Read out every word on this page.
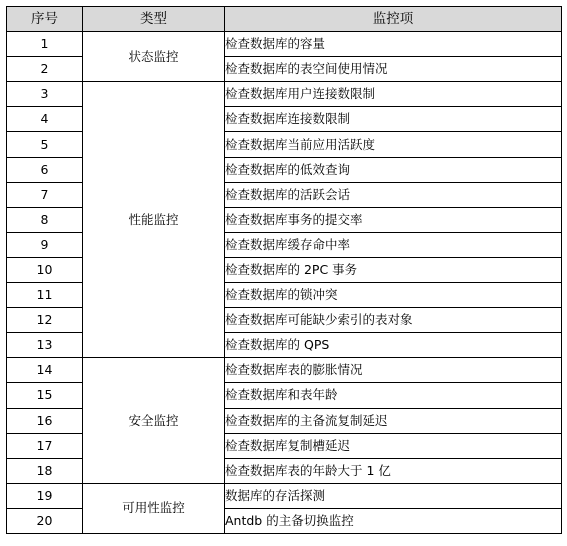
序号	类型	监控项
1	状态监控	检查数据库的容量
2		检查数据库的表空间使用情况
3	性能监控	检查数据库用户连接数限制
4		检查数据库连接数限制
5		检查数据库当前应用活跃度
6		检查数据库的低效查询
7		检查数据库的活跃会话
8		检查数据库事务的提交率
9		检查数据库缓存命中率
10		检查数据库的 2PC 事务
11		检查数据库的锁冲突
12		检查数据库可能缺少索引的表对象
13		检查数据库的 QPS
14	安全监控	检查数据库表的膨胀情况
15		检查数据库和表年龄
16		检查数据库的主备流复制延迟
17		检查数据库复制槽延迟
18		检查数据库表的年龄大于 1 亿
19	可用性监控	数据库的存活探测
20		Antdb 的主备切换监控
